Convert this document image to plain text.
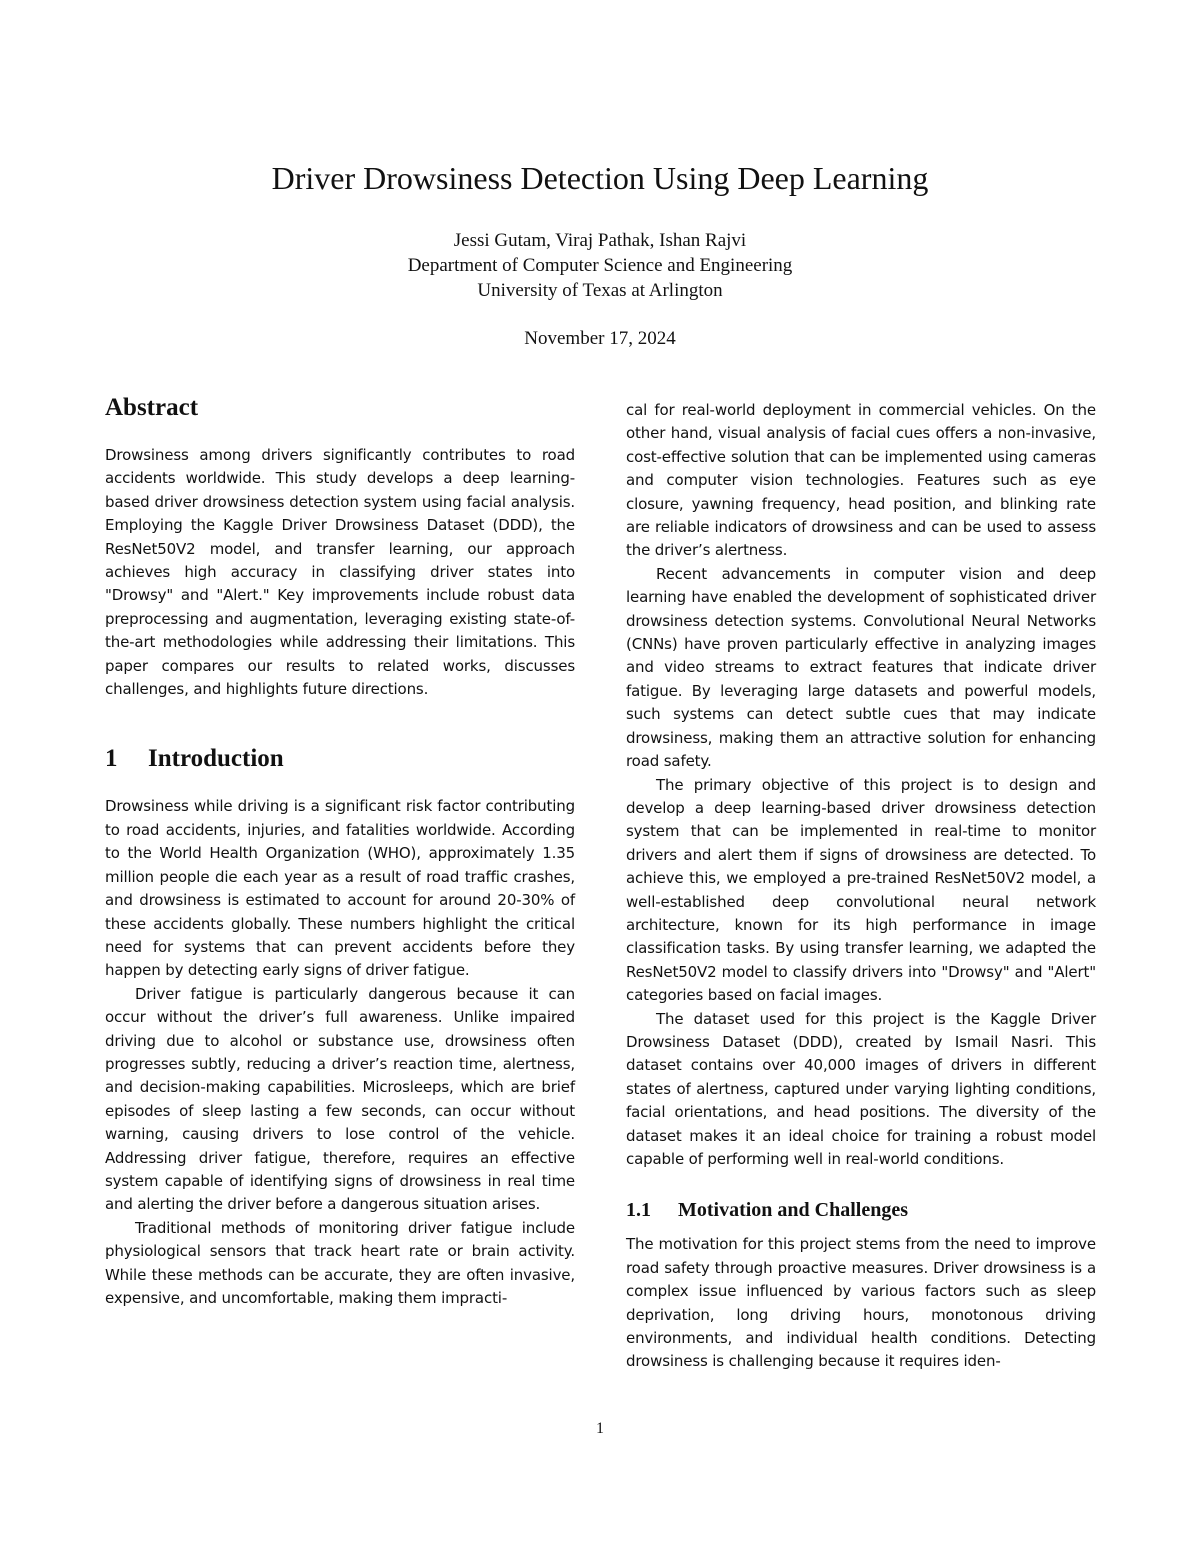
Driver Drowsiness Detection Using Deep Learning
Jessi Gutam, Viraj Pathak, Ishan Rajvi
Department of Computer Science and Engineering
University of Texas at Arlington
November 17, 2024
Abstract

Drowsiness among drivers significantly contributes to road accidents worldwide. This study develops a deep learning-based driver drowsiness detection system using facial analysis. Employing the Kaggle Driver Drowsiness Dataset (DDD), the ResNet50V2 model, and transfer learning, our approach achieves high accuracy in classifying driver states into "Drowsy" and "Alert." Key improvements include robust data preprocessing and augmentation, leveraging existing state-of-the-art methodologies while addressing their limitations. This paper compares our results to related works, discusses challenges, and highlights future directions.

1 Introduction

Drowsiness while driving is a significant risk factor contributing to road accidents, injuries, and fatalities worldwide. According to the World Health Organization (WHO), approximately 1.35 million people die each year as a result of road traffic crashes, and drowsiness is estimated to account for around 20-30% of these accidents globally. These numbers highlight the critical need for systems that can prevent accidents before they happen by detecting early signs of driver fatigue.

Driver fatigue is particularly dangerous because it can occur without the driver’s full awareness. Unlike impaired driving due to alcohol or substance use, drowsiness often progresses subtly, reducing a driver’s reaction time, alertness, and decision-making capabilities. Microsleeps, which are brief episodes of sleep lasting a few seconds, can occur without warning, causing drivers to lose control of the vehicle. Addressing driver fatigue, therefore, requires an effective system capable of identifying signs of drowsiness in real time and alerting the driver before a dangerous situation arises.

Traditional methods of monitoring driver fatigue include physiological sensors that track heart rate or brain activity. While these methods can be accurate, they are often invasive, expensive, and uncomfortable, making them impracti-

cal for real-world deployment in commercial vehicles. On the other hand, visual analysis of facial cues offers a non-invasive, cost-effective solution that can be implemented using cameras and computer vision technologies. Features such as eye closure, yawning frequency, head position, and blinking rate are reliable indicators of drowsiness and can be used to assess the driver’s alertness.

Recent advancements in computer vision and deep learning have enabled the development of sophisticated driver drowsiness detection systems. Convolutional Neural Networks (CNNs) have proven particularly effective in analyzing images and video streams to extract features that indicate driver fatigue. By leveraging large datasets and powerful models, such systems can detect subtle cues that may indicate drowsiness, making them an attractive solution for enhancing road safety.

The primary objective of this project is to design and develop a deep learning-based driver drowsiness detection system that can be implemented in real-time to monitor drivers and alert them if signs of drowsiness are detected. To achieve this, we employed a pre-trained ResNet50V2 model, a well-established deep convolutional neural network architecture, known for its high performance in image classification tasks. By using transfer learning, we adapted the ResNet50V2 model to classify drivers into "Drowsy" and "Alert" categories based on facial images.

The dataset used for this project is the Kaggle Driver Drowsiness Dataset (DDD), created by Ismail Nasri. This dataset contains over 40,000 images of drivers in different states of alertness, captured under varying lighting conditions, facial orientations, and head positions. The diversity of the dataset makes it an ideal choice for training a robust model capable of performing well in real-world conditions.

1.1 Motivation and Challenges

The motivation for this project stems from the need to improve road safety through proactive measures. Driver drowsiness is a complex issue influenced by various factors such as sleep deprivation, long driving hours, monotonous driving environments, and individual health conditions. Detecting drowsiness is challenging because it requires iden-

1
